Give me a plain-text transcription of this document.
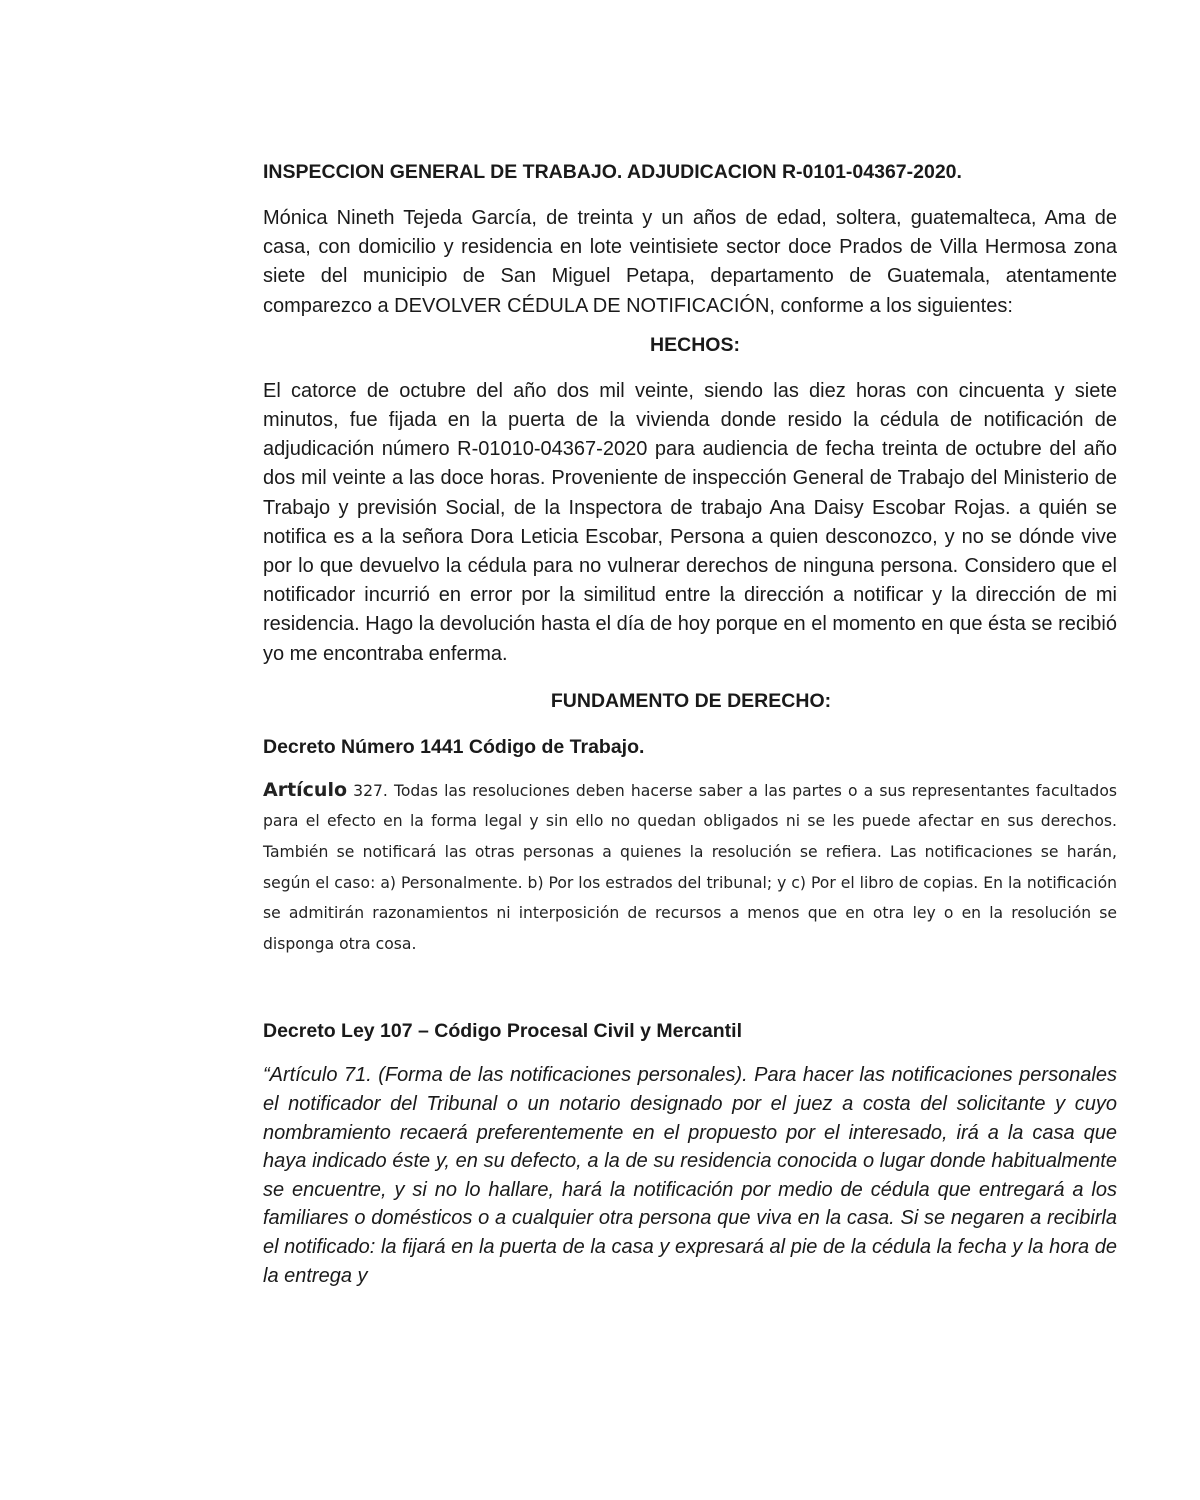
INSPECCION GENERAL DE TRABAJO. ADJUDICACION R-0101-04367-2020.

Mónica Nineth Tejeda García, de treinta y un años de edad, soltera, guatemalteca, Ama de casa, con domicilio y residencia en lote veintisiete sector doce Prados de Villa Hermosa zona siete del municipio de San Miguel Petapa, departamento de Guatemala, atentamente comparezco a DEVOLVER CÉDULA DE NOTIFICACIÓN, conforme a los siguientes:

HECHOS:

El catorce de octubre del año dos mil veinte, siendo las diez horas con cincuenta y siete minutos, fue fijada en la puerta de la vivienda donde resido la cédula de notificación de adjudicación número R-01010-04367-2020 para audiencia de fecha treinta de octubre del año dos mil veinte a las doce horas. Proveniente de inspección General de Trabajo del Ministerio de Trabajo y previsión Social, de la Inspectora de trabajo Ana Daisy Escobar Rojas. a quién se notifica es a la señora Dora Leticia Escobar, Persona a quien desconozco, y no se dónde vive por lo que devuelvo la cédula para no vulnerar derechos de ninguna persona. Considero que el notificador incurrió en error por la similitud entre la dirección a notificar y la dirección de mi residencia. Hago la devolución hasta el día de hoy porque en el momento en que ésta se recibió yo me encontraba enferma.

FUNDAMENTO DE DERECHO:
Decreto Número 1441 Código de Trabajo.

Artículo 327. Todas las resoluciones deben hacerse saber a las partes o a sus representantes facultados para el efecto en la forma legal y sin ello no quedan obligados ni se les puede afectar en sus derechos. También se notificará las otras personas a quienes la resolución se refiera. Las notificaciones se harán, según el caso: a) Personalmente. b) Por los estrados del tribunal; y c) Por el libro de copias. En la notificación se admitirán razonamientos ni interposición de recursos a menos que en otra ley o en la resolución se disponga otra cosa.

Decreto Ley 107 – Código Procesal Civil y Mercantil

“Artículo 71. (Forma de las notificaciones personales). Para hacer las notificaciones personales el notificador del Tribunal o un notario designado por el juez a costa del solicitante y cuyo nombramiento recaerá preferentemente en el propuesto por el interesado, irá a la casa que haya indicado éste y, en su defecto, a la de su residencia conocida o lugar donde habitualmente se encuentre, y si no lo hallare, hará la notificación por medio de cédula que entregará a los familiares o domésticos o a cualquier otra persona que viva en la casa. Si se negaren a recibirla el notificado: la fijará en la puerta de la casa y expresará al pie de la cédula la fecha y la hora de la entrega y
